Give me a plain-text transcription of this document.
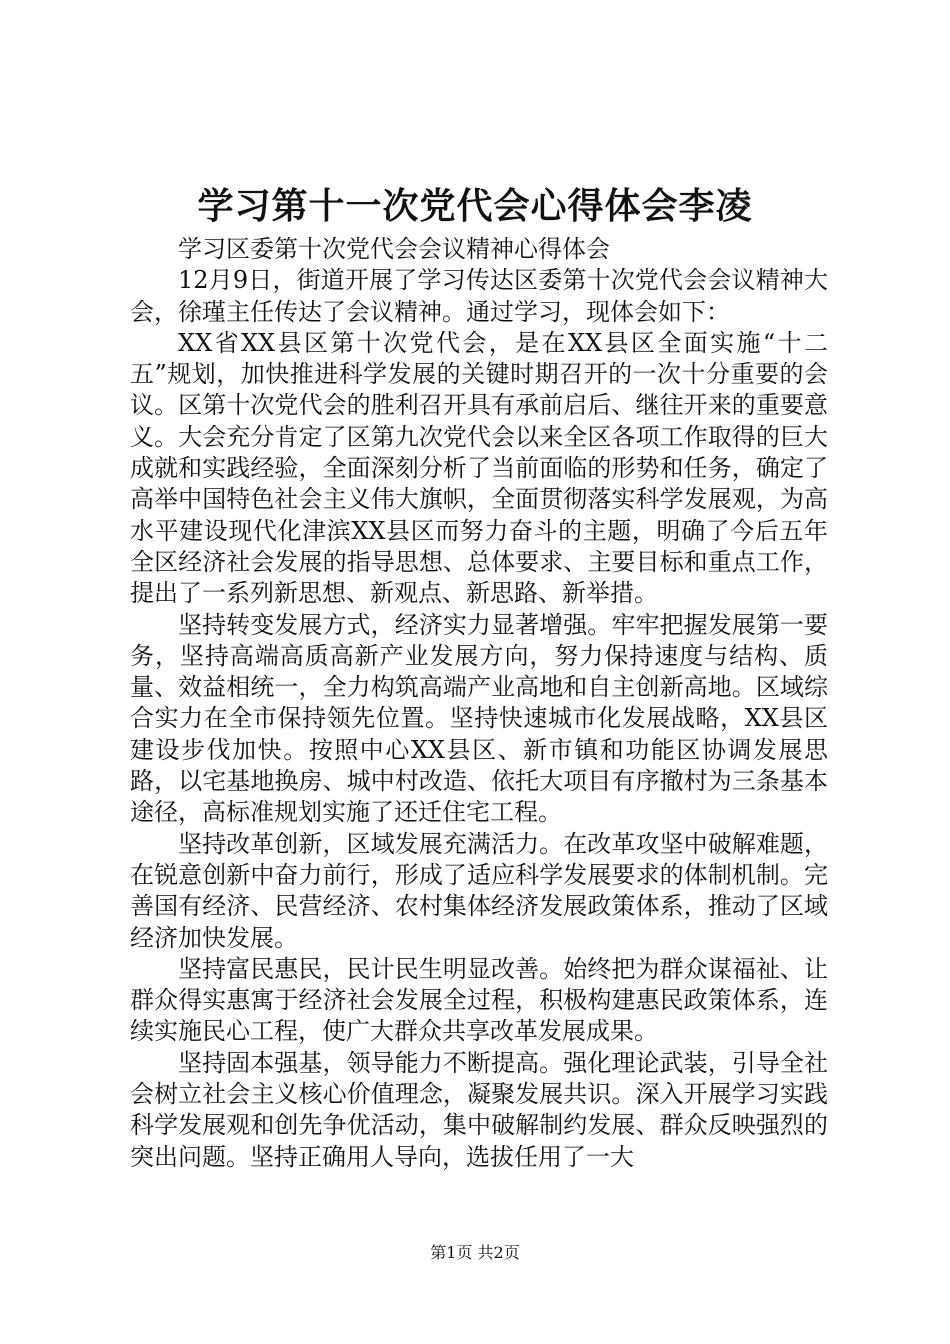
学习第十一次党代会心得体会李凌

学习区委第十次党代会会议精神心得体会

12月9日，街道开展了学习传达区委第十次党代会会议精神大会，徐瑾主任传达了会议精神。通过学习，现体会如下：

XX省XX县区第十次党代会，是在XX县区全面实施“十二五”规划，加快推进科学发展的关键时期召开的一次十分重要的会议。区第十次党代会的胜利召开具有承前启后、继往开来的重要意义。大会充分肯定了区第九次党代会以来全区各项工作取得的巨大成就和实践经验，全面深刻分析了当前面临的形势和任务，确定了高举中国特色社会主义伟大旗帜，全面贯彻落实科学发展观，为高水平建设现代化津滨XX县区而努力奋斗的主题，明确了今后五年全区经济社会发展的指导思想、总体要求、主要目标和重点工作，提出了一系列新思想、新观点、新思路、新举措。

坚持转变发展方式，经济实力显著增强。牢牢把握发展第一要务，坚持高端高质高新产业发展方向，努力保持速度与结构、质量、效益相统一，全力构筑高端产业高地和自主创新高地。区域综合实力在全市保持领先位置。坚持快速城市化发展战略，XX县区建设步伐加快。按照中心XX县区、新市镇和功能区协调发展思路，以宅基地换房、城中村改造、依托大项目有序撤村为三条基本途径，高标准规划实施了还迁住宅工程。

坚持改革创新，区域发展充满活力。在改革攻坚中破解难题，在锐意创新中奋力前行，形成了适应科学发展要求的体制机制。完善国有经济、民营经济、农村集体经济发展政策体系，推动了区域经济加快发展。

坚持富民惠民，民计民生明显改善。始终把为群众谋福祉、让群众得实惠寓于经济社会发展全过程，积极构建惠民政策体系，连续实施民心工程，使广大群众共享改革发展成果。

坚持固本强基，领导能力不断提高。强化理论武装，引导全社会树立社会主义核心价值理念，凝聚发展共识。深入开展学习实践科学发展观和创先争优活动，集中破解制约发展、群众反映强烈的突出问题。坚持正确用人导向，选拔任用了一大

第1页 共2页
